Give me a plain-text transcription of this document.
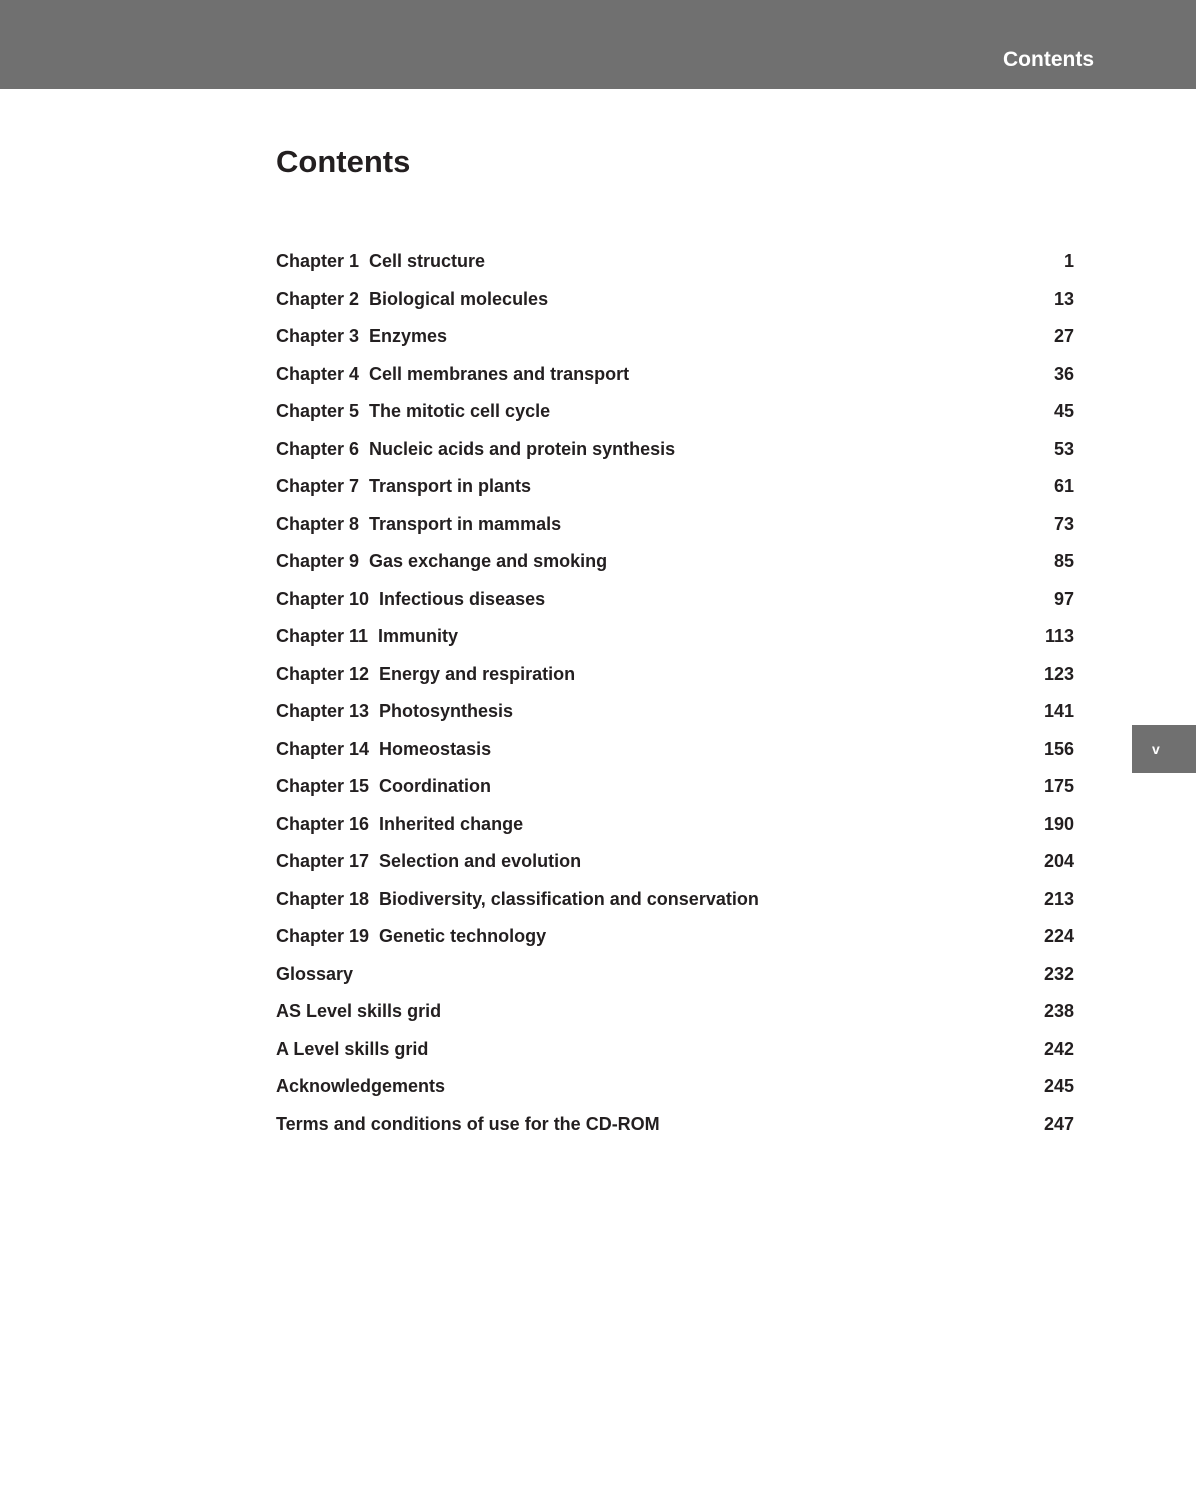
Contents
Contents
Chapter 1 Cell structure	1
Chapter 2 Biological molecules	13
Chapter 3 Enzymes	27
Chapter 4 Cell membranes and transport	36
Chapter 5 The mitotic cell cycle	45
Chapter 6 Nucleic acids and protein synthesis	53
Chapter 7 Transport in plants	61
Chapter 8 Transport in mammals	73
Chapter 9 Gas exchange and smoking	85
Chapter 10 Infectious diseases	97
Chapter 11 Immunity	113
Chapter 12 Energy and respiration	123
Chapter 13 Photosynthesis	141
Chapter 14 Homeostasis	156
Chapter 15 Coordination	175
Chapter 16 Inherited change	190
Chapter 17 Selection and evolution	204
Chapter 18 Biodiversity, classification and conservation	213
Chapter 19 Genetic technology	224
Glossary	232
AS Level skills grid	238
A Level skills grid	242
Acknowledgements	245
Terms and conditions of use for the CD-ROM	247
v
